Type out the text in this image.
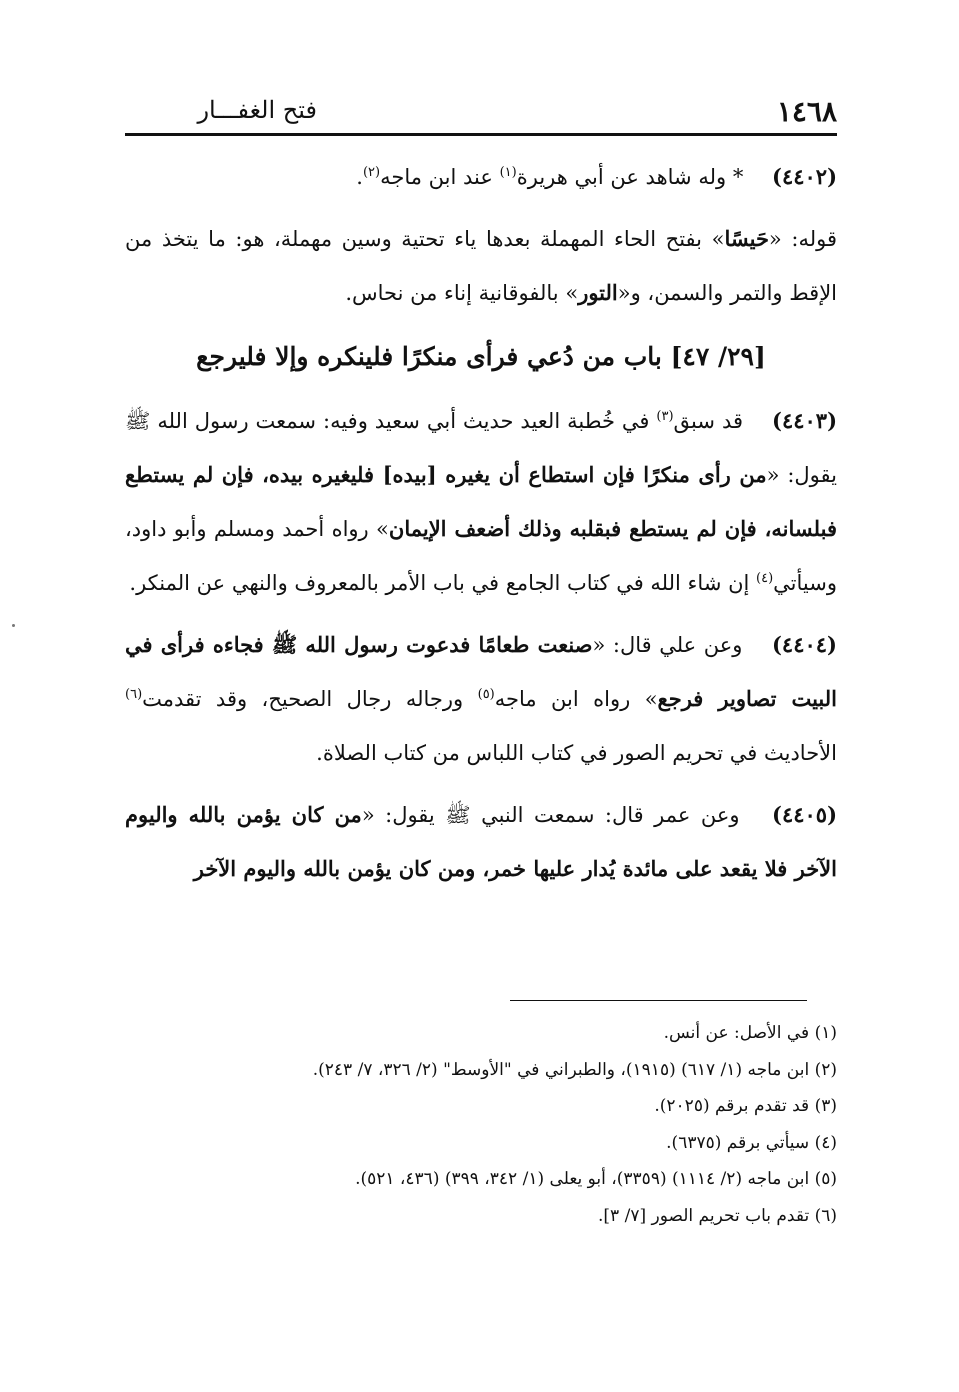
١٤٦٨
فتح الغفـــار

(٤٤٠٢) * وله شاهد عن أبي هريرة$^{(١)}$ عند ابن ماجه$^{(٢)}$.

قوله: «حَيسًا» بفتح الحاء المهملة بعدها ياء تحتية وسين مهملة، هو: ما يتخذ من الإقط والتمر والسمن، و«التور» بالفوقانية إناء من نحاس.

[٢٩/ ٤٧] باب من دُعي فرأى منكرًا فلينكره وإلا فليرجع

(٤٤٠٣) قد سبق$^{(٣)}$ في خُطبة العيد حديث أبي سعيد وفيه: سمعت رسول الله ﷺ يقول: «من رأى منكرًا فإن استطاع أن يغيره [بيده] فليغيره بيده، فإن لم يستطع فبلسانه، فإن لم يستطع فبقلبه وذلك أضعف الإيمان» رواه أحمد ومسلم وأبو داود، وسيأتي$^{(٤)}$ إن شاء الله في كتاب الجامع في باب الأمر بالمعروف والنهي عن المنكر.

(٤٤٠٤) وعن علي قال: «صنعت طعامًا فدعوت رسول الله ﷺ فجاءه فرأى في البيت تصاوير فرجع» رواه ابن ماجه$^{(٥)}$ ورجاله رجال الصحيح، وقد تقدمت$^{(٦)}$ الأحاديث في تحريم الصور في كتاب اللباس من كتاب الصلاة.

(٤٤٠٥) وعن عمر قال: سمعت النبي ﷺ يقول: «من كان يؤمن بالله واليوم الآخر فلا يقعد على مائدة يُدار عليها خمر، ومن كان يؤمن بالله واليوم الآخر

(١) في الأصل: عن أنس.

(٢) ابن ماجه (١/ ٦١٧) (١٩١٥)، والطبراني في "الأوسط" (٢/ ٣٢٦، ٧/ ٢٤٣).

(٣) قد تقدم برقم (٢٠٢٥).

(٤) سيأتي برقم (٦٣٧٥).

(٥) ابن ماجه (٢/ ١١١٤) (٣٣٥٩)، أبو يعلى (١/ ٣٤٢، ٣٩٩) (٤٣٦، ٥٢١).

(٦) تقدم باب تحريم الصور [٧/ ٣].
